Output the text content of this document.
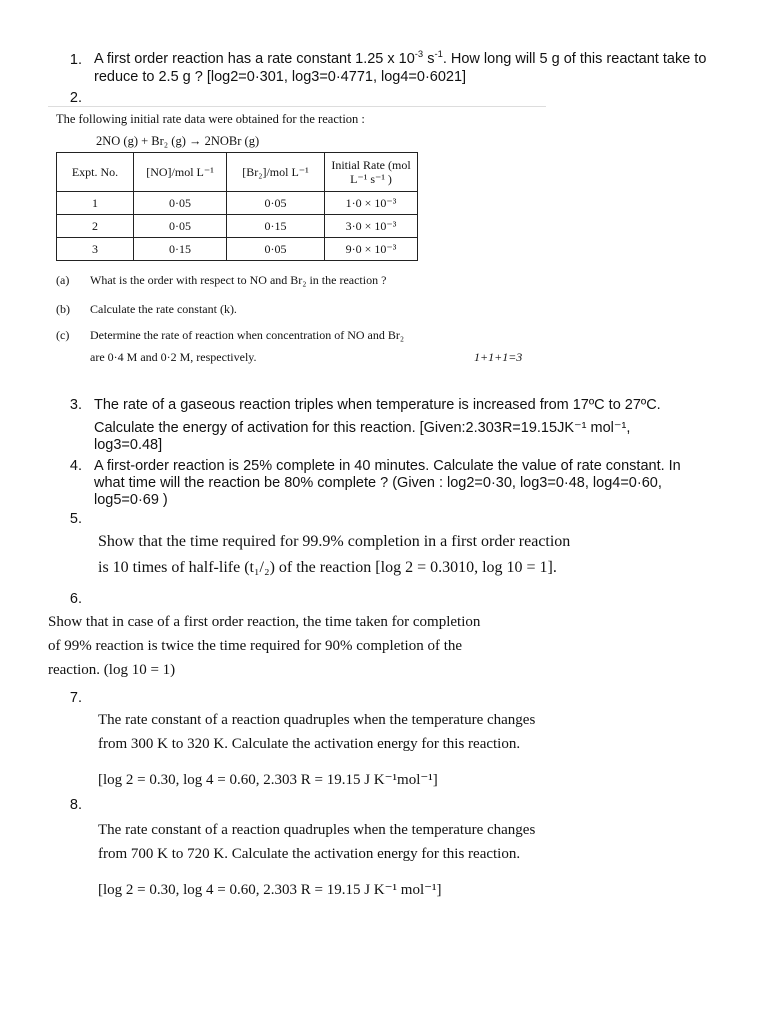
1. A first order reaction has a rate constant 1.25 x $10^{-3}$ $s^{-1}$. How long will 5 g of this reactant take to reduce to 2.5 g ? [log2=0·301, log3=0·4771, log4=0·6021]
2.
The following initial rate data were obtained for the reaction :
2NO (g) + Br₂ (g) → 2NOBr (g)
Expt. No.	[NO]/mol L⁻¹	[Br₂]/mol L⁻¹	Initial Rate (mol L⁻¹ s⁻¹ )
1	0·05	0·05	1·0 × 10⁻³
2	0·05	0·15	3·0 × 10⁻³
3	0·15	0·05	9·0 × 10⁻³
(a) What is the order with respect to NO and Br₂ in the reaction ?
(b) Calculate the rate constant (k).
(c) Determine the rate of reaction when concentration of NO and Br₂
are 0·4 M and 0·2 M, respectively.	1+1+1=3
3. The rate of a gaseous reaction triples when temperature is increased from 17ºC to 27ºC.
Calculate the energy of activation for this reaction. [Given:2.303R=19.15JK⁻¹ mol⁻¹,
log3=0.48]
4. A first-order reaction is 25% complete in 40 minutes. Calculate the value of rate constant. In
what time will the reaction be 80% complete ? (Given : log2=0·30, log3=0·48, log4=0·60,
log5=0·69 )
5.
Show that the time required for 99.9% completion in a first order reaction
is 10 times of half-life (t₁/₂) of the reaction [log 2 = 0.3010, log 10 = 1].
6.
Show that in case of a first order reaction, the time taken for completion
of 99% reaction is twice the time required for 90% completion of the
reaction. (log 10 = 1)
7.
The rate constant of a reaction quadruples when the temperature changes
from 300 K to 320 K. Calculate the activation energy for this reaction.
[log 2 = 0.30, log 4 = 0.60, 2.303 R = 19.15 J K⁻¹mol⁻¹]
8.
The rate constant of a reaction quadruples when the temperature changes
from 700 K to 720 K. Calculate the activation energy for this reaction.
[log 2 = 0.30, log 4 = 0.60, 2.303 R = 19.15 J K⁻¹ mol⁻¹]
